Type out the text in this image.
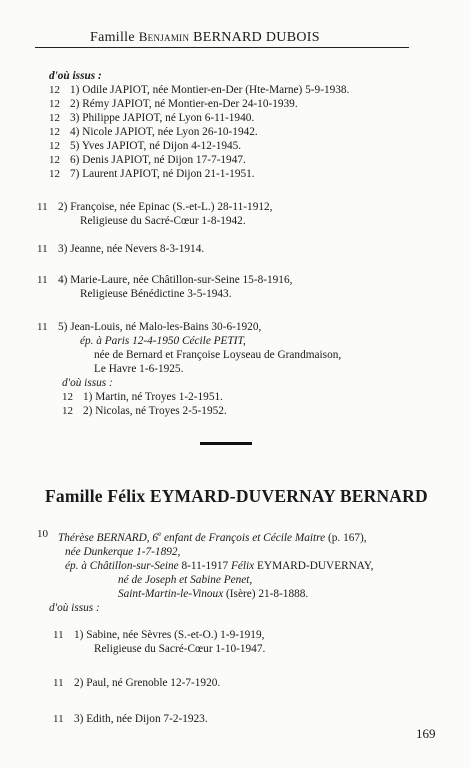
Famille Benjamin BERNARD DUBOIS
d'où issus :
12 1) Odile JAPIOT, née Montier-en-Der (Hte-Marne) 5-9-1938.
12 2) Rémy JAPIOT, né Montier-en-Der 24-10-1939.
12 3) Philippe JAPIOT, né Lyon 6-11-1940.
12 4) Nicole JAPIOT, née Lyon 26-10-1942.
12 5) Yves JAPIOT, né Dijon 4-12-1945.
12 6) Denis JAPIOT, né Dijon 17-7-1947.
12 7) Laurent JAPIOT, né Dijon 21-1-1951.
11 2) Françoise, née Epinac (S.-et-L.) 28-11-1912,
Religieuse du Sacré-Cœur 1-8-1942.
11 3) Jeanne, née Nevers 8-3-1914.
11 4) Marie-Laure, née Châtillon-sur-Seine 15-8-1916,
Religieuse Bénédictine 3-5-1943.
11 5) Jean-Louis, né Malo-les-Bains 30-6-1920,
ép. à Paris 12-4-1950 Cécile PETIT,
née de Bernard et Françoise Loyseau de Grandmaison,
Le Havre 1-6-1925.
d'où issus :
12 1) Martin, né Troyes 1-2-1951.
12 2) Nicolas, né Troyes 2-5-1952.
Famille Félix EYMARD-DUVERNAY BERNARD
10 Thérèse BERNARD, 6e enfant de François et Cécile Maitre (p. 167),
née Dunkerque 1-7-1892,
ép. à Châtillon-sur-Seine 8-11-1917 Félix EYMARD-DUVERNAY,
né de Joseph et Sabine Penet,
Saint-Martin-le-Vinoux (Isère) 21-8-1888.
d'où issus :
11 1) Sabine, née Sèvres (S.-et-O.) 1-9-1919,
Religieuse du Sacré-Cœur 1-10-1947.
11 2) Paul, né Grenoble 12-7-1920.
11 3) Edith, née Dijon 7-2-1923.
169
